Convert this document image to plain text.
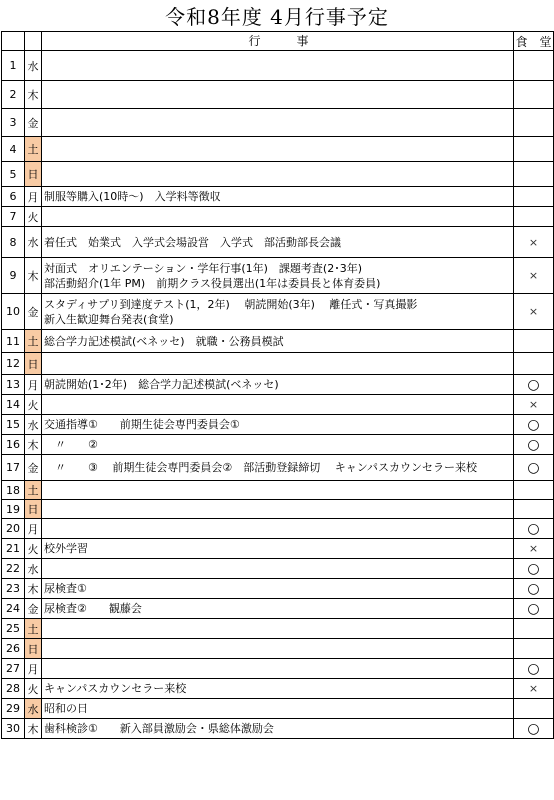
令和8年度 4月行事予定
		行　　　事	食　堂
1	水	

2	木	

3	金	

4	土	

5	日	

6	月	制服等購入(10時～)　入学料等徴収	

7	火	

8	水	着任式　始業式　入学式会場設営　入学式　部活動部長会議	×
9	木	対面式　オリエンテーション・学年行事(1年)　課題考査(2･3年)
部活動紹介(1年 PM)　前期クラス役員選出(1年は委員長と体育委員)	×
10	金	スタディサプリ到達度テスト(1，2年)　 朝読開始(3年)　 離任式・写真撮影
新入生歓迎舞台発表(食堂)	×
11	土	総合学力記述模試(ベネッセ)　就職・公務員模試	

12	日	

13	月	朝読開始(1･2年)　総合学力記述模試(ベネッセ)	○
14	火		×
15	水	交通指導①　　前期生徒会専門委員会①	○
16	木	　〃　　②	○
17	金	　〃　　③　 前期生徒会専門委員会②　部活動登録締切　 キャンパスカウンセラー来校	○
18	土	

19	日	

20	月		○
21	火	校外学習	×
22	水		○
23	木	尿検査①	○
24	金	尿検査②　　観藤会	○
25	土	

26	日	

27	月		○
28	火	キャンパスカウンセラー来校	×
29	水	昭和の日	

30	木	歯科検診①　　新入部員激励会・県総体激励会	○
